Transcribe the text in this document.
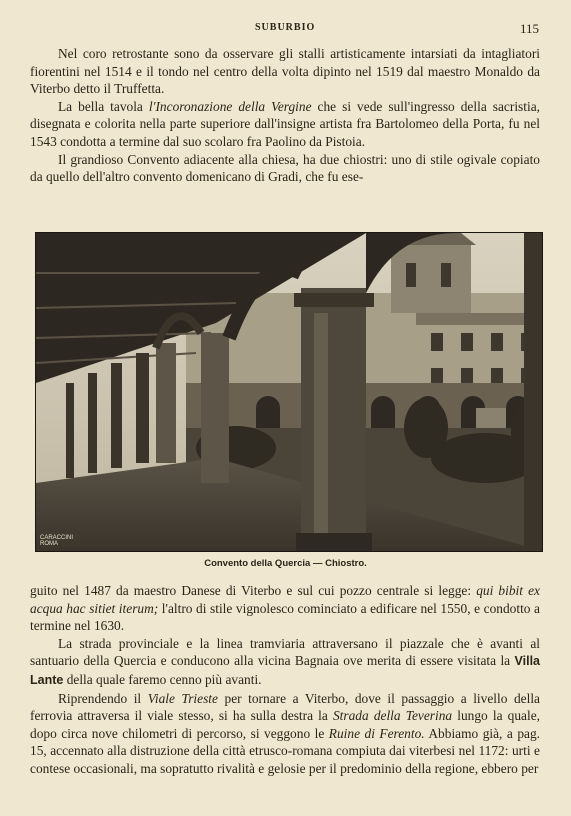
SUBURBIO	115

Nel coro retrostante sono da osservare gli stalli artisticamente intarsiati da intagliatori fiorentini nel 1514 e il tondo nel centro della volta dipinto nel 1519 dal maestro Monaldo da Viterbo detto il Truffetta.

La bella tavola l'Incoronazione della Vergine che si vede sull'ingresso della sacristia, disegnata e colorita nella parte superiore dall'insigne artista fra Bartolomeo della Porta, fu nel 1543 condotta a termine dal suo scolaro fra Paolino da Pistoia.

Il grandioso Convento adiacente alla chiesa, ha due chiostri: uno di stile ogivale copiato da quello dell'altro convento domenicano di Gradi, che fu ese-

CARACCINI
ROMA
Convento della Quercia — Chiostro.

guito nel 1487 da maestro Danese di Viterbo e sul cui pozzo centrale si legge: qui bibit ex acqua hac sitiet iterum; l'altro di stile vignolesco cominciato a edificare nel 1550, e condotto a termine nel 1630.

La strada provinciale e la linea tramviaria attraversano il piazzale che è avanti al santuario della Quercia e conducono alla vicina Bagnaia ove merita di essere visitata la Villa Lante della quale faremo cenno più avanti.

Riprendendo il Viale Trieste per tornare a Viterbo, dove il passaggio a livello della ferrovia attraversa il viale stesso, si ha sulla destra la Strada della Teverina lungo la quale, dopo circa nove chilometri di percorso, si veggono le Ruine di Ferento. Abbiamo già, a pag. 15, accennato alla distruzione della città etrusco-romana compiuta dai viterbesi nel 1172: urti e contese occasionali, ma sopratutto rivalità e gelosie per il predominio della regione, ebbero per
